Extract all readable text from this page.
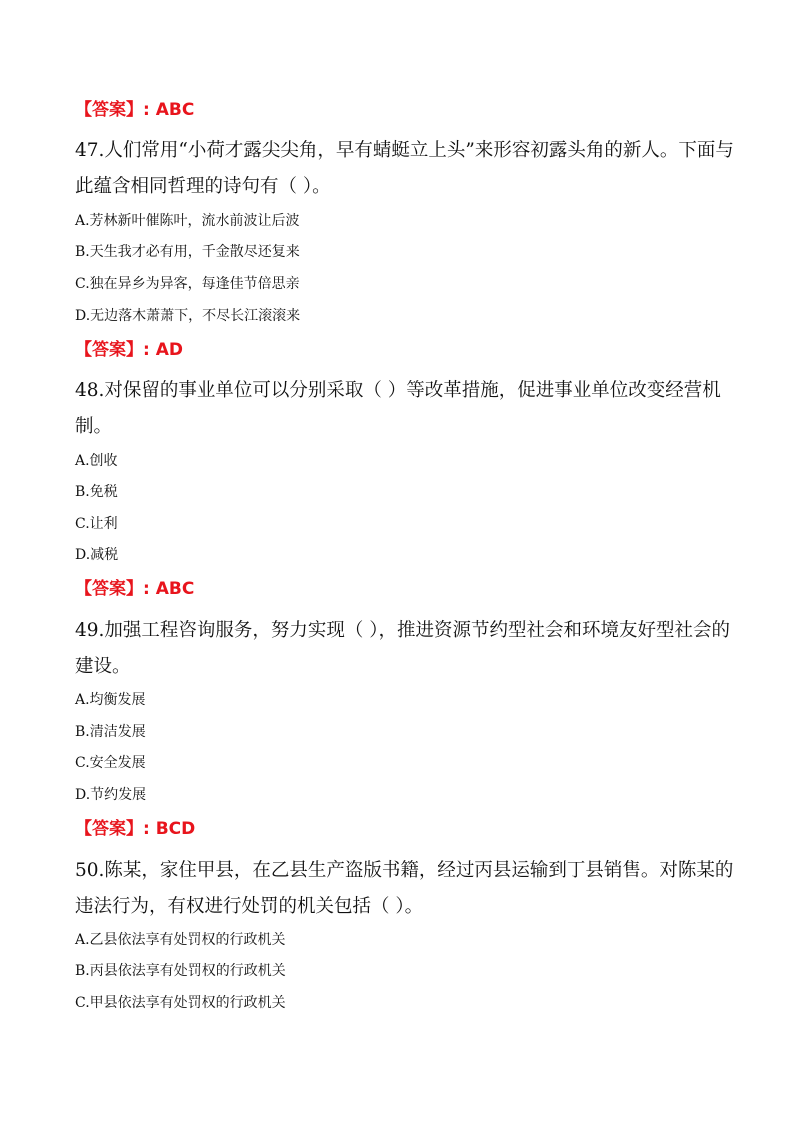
【答案】: ABC
47.人们常用“小荷才露尖尖角，早有蜻蜓立上头”来形容初露头角的新人。下面与此蕴含相同哲理的诗句有（ ）。
A.芳林新叶催陈叶，流水前波让后波
B.天生我才必有用，千金散尽还复来
C.独在异乡为异客，每逢佳节倍思亲
D.无边落木萧萧下，不尽长江滚滚来
【答案】: AD
48.对保留的事业单位可以分别采取（ ）等改革措施，促进事业单位改变经营机制。
A.创收
B.免税
C.让利
D.减税
【答案】: ABC
49.加强工程咨询服务，努力实现（ ），推进资源节约型社会和环境友好型社会的建设。
A.均衡发展
B.清洁发展
C.安全发展
D.节约发展
【答案】: BCD
50.陈某，家住甲县，在乙县生产盗版书籍，经过丙县运输到丁县销售。对陈某的违法行为，有权进行处罚的机关包括（ ）。
A.乙县依法享有处罚权的行政机关
B.丙县依法享有处罚权的行政机关
C.甲县依法享有处罚权的行政机关
